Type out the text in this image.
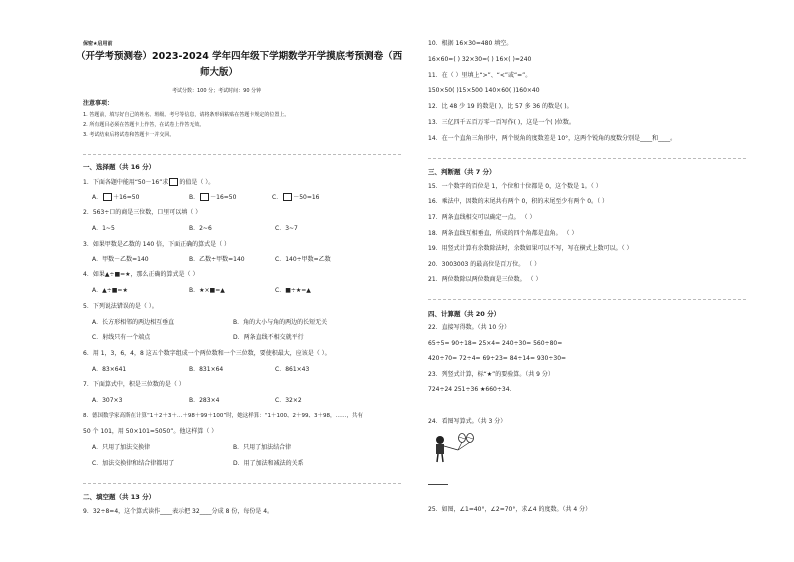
保密★启用前
（开学考预测卷）2023-2024 学年四年级下学期数学开学摸底考预测卷（西
师大版）
考试分数：100 分；考试时间：90 分钟
注意事项：
1. 答题前，填写好自己的姓名、班级、考号等信息，请将条形码粘贴在答题卡规定的位置上。
2. 所有题目必须在答题卡上作答，在试卷上作答无效。
3. 考试结束后将试卷和答题卡一并交回。
一、选择题（共 16 分）
1．下面各题中能用“50－16”求 的值是（ ）。
A． ＋16=50	B． －16=50	C． －50=16
2．563÷口的商是三位数，口里可以填（ ）
A．1~5	B．2~6	C．3~7
3．如果甲数是乙数的 140 倍，下面正确的算式是（ ）
A．甲数－乙数=140	B．乙数÷甲数=140	C．140÷甲数=乙数
4．如果▲÷■=★，那么正确的算式是（ ）
A．▲÷■=★	B．★×■=▲	C．■÷★=▲
5．下列说法错误的是（ ）。
A．长方形相邻的两边相互垂直	B．角的大小与角的两边的长短无关
C．射线只有一个端点	D．两条直线不相交就平行
6．用 1，3，6，4，8 这五个数字组成一个两位数和一个三位数，要使积最大，应该是（ ）。
A．83×641	B．831×64	C．861×43
7．下面算式中，积是三位数的是（ ）
A．307×3	B．283×4	C．32×2
8．德国数学家高斯在计算“1＋2＋3＋…＋98＋99＋100”时，她这样算：“1＋100、2＋99、3＋98，……，共有
50 个 101，用 50×101=5050”。他这样算（ ）
A．只用了加法交换律	B．只用了加法结合律
C．加法交换律和结合律都用了	D．用了加法和减法的关系
二、填空题（共 13 分）
9．32÷8=4，这个算式读作____表示把 32____分成 8 份，每份是 4。
10．根据 16×30=480 填空。
16×60=( ) 32×30=( ) 16×( )=240
11．在（ ）里填上“>”、“<”或“=”。
150×50( )15×500 140×60( )160×40
12．比 48 少 19 的数是( )，比 57 多 36 的数是( )。
13．三亿四千五百万零一百写作( )，这是一个( )位数。
14．在一个直角三角形中，两个锐角的度数差是 10°，这两个锐角的度数分别是____和____。
三、判断题（共 7 分）
15．一个数字的百位是 1，个位和十位都是 0，这个数是 1。（ ）
16．乘法中，因数的末尾共有两个 0，积的末尾至少有两个 0。（ ）
17．两条直线相交可以确定一点。 （ ）
18．两条直线互相垂直，所成的四个角都是直角。 （ ）
19．用竖式计算有余数除法时，余数如果可以不写，写在横式上数可以。（ ）
20．3003003 的最高位是百万位。 （ ）
21．两位数除以两位数商是三位数。 （ ）
四、计算题（共 20 分）
22．直接写得数。（共 10 分）
65÷5= 90÷18= 25×4= 240÷30= 560÷80=
420÷70= 72÷4= 69÷23= 84÷14= 930÷30=
23．列竖式计算，标“★”的要验算。（共 9 分）
724÷24 251÷36 ★660÷34．
24．看图写算式。（共 3 分）
25．如图，∠1=40°，∠2=70°，求∠4 的度数。（共 4 分）
